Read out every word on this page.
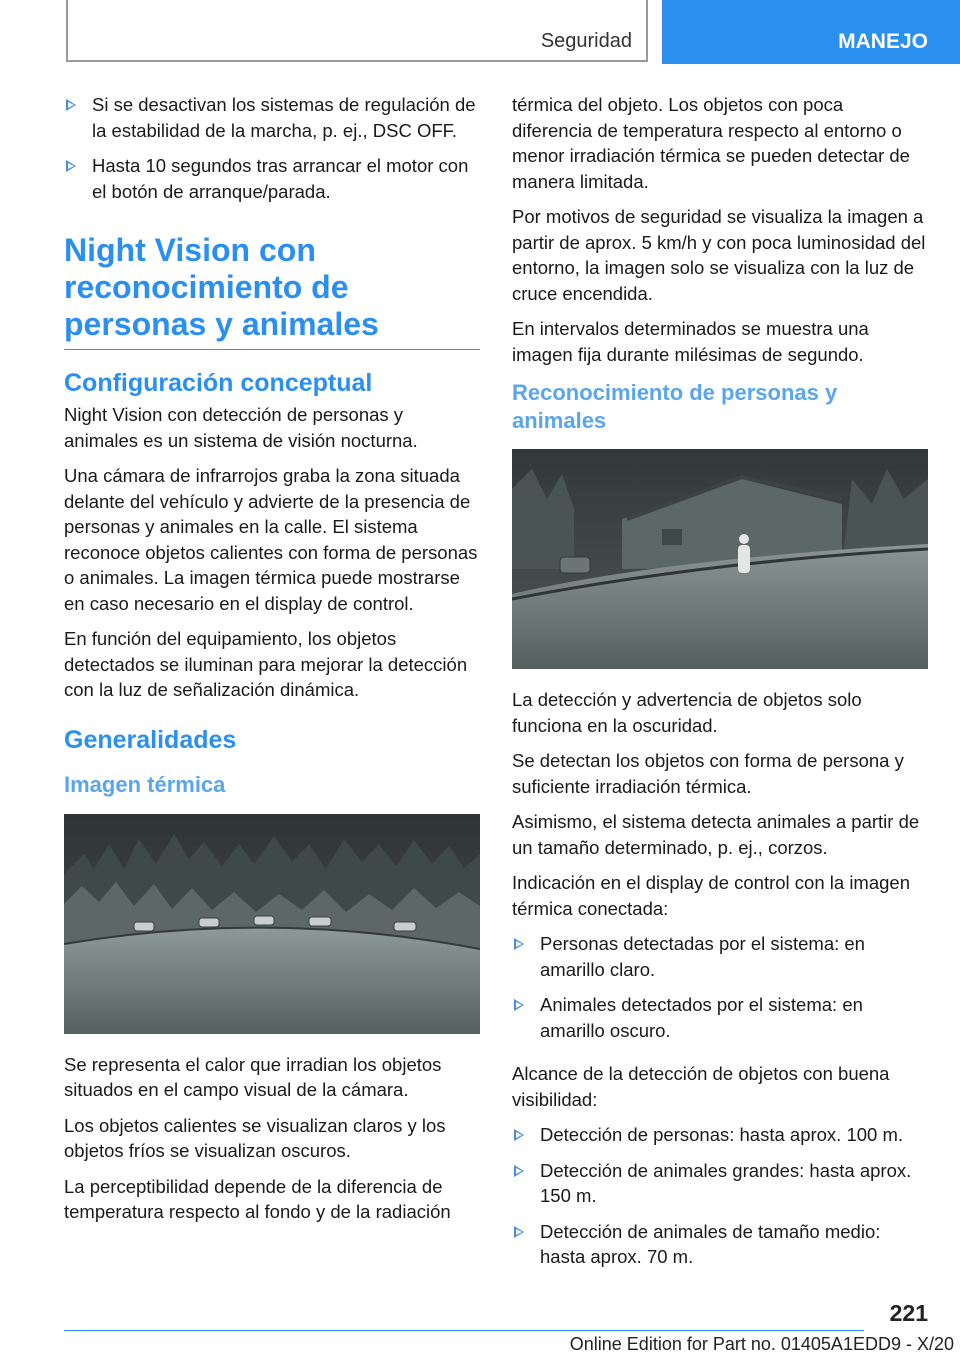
Seguridad	MANEJO
Si se desactivan los sistemas de regulación de la estabilidad de la marcha, p. ej., DSC OFF.
Hasta 10 segundos tras arrancar el motor con el botón de arranque/parada.
Night Vision con reconocimiento de personas y animales
Configuración conceptual

Night Vision con detección de personas y animales es un sistema de visión nocturna.

Una cámara de infrarrojos graba la zona situada delante del vehículo y advierte de la presencia de personas y animales en la calle. El sistema reconoce objetos calientes con forma de personas o animales. La imagen térmica puede mostrarse en caso necesario en el display de control.

En función del equipamiento, los objetos detectados se iluminan para mejorar la detección con la luz de señalización dinámica.

Generalidades
Imagen térmica

Se representa el calor que irradian los objetos situados en el campo visual de la cámara.

Los objetos calientes se visualizan claros y los objetos fríos se visualizan oscuros.

La perceptibilidad depende de la diferencia de temperatura respecto al fondo y de la radiación

térmica del objeto. Los objetos con poca diferencia de temperatura respecto al entorno o menor irradiación térmica se pueden detectar de manera limitada.

Por motivos de seguridad se visualiza la imagen a partir de aprox. 5 km/h y con poca luminosidad del entorno, la imagen solo se visualiza con la luz de cruce encendida.

En intervalos determinados se muestra una imagen fija durante milésimas de segundo.

Reconocimiento de personas y animales

La detección y advertencia de objetos solo funciona en la oscuridad.

Se detectan los objetos con forma de persona y suficiente irradiación térmica.

Asimismo, el sistema detecta animales a partir de un tamaño determinado, p. ej., corzos.

Indicación en el display de control con la imagen térmica conectada:

Personas detectadas por el sistema: en amarillo claro.
Animales detectados por el sistema: en amarillo oscuro.

Alcance de la detección de objetos con buena visibilidad:

Detección de personas: hasta aprox. 100 m.
Detección de animales grandes: hasta aprox. 150 m.
Detección de animales de tamaño medio: hasta aprox. 70 m.
221
Online Edition for Part no. 01405A1EDD9 - X/20
